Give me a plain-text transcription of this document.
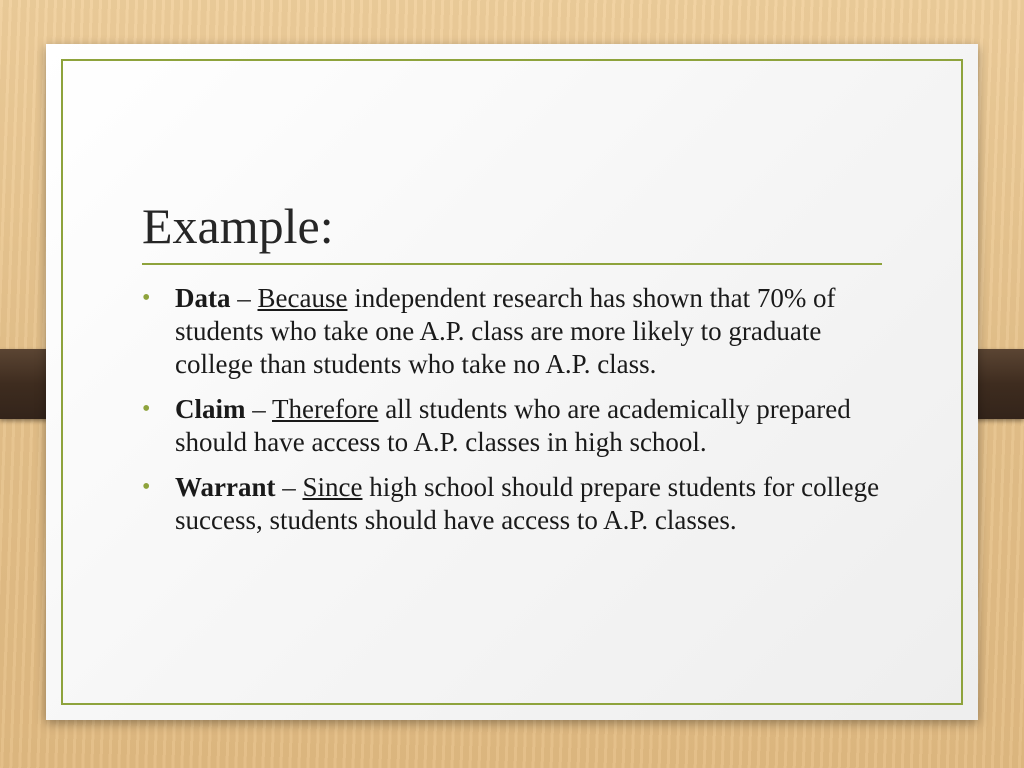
Example:
• Data – Because independent research has shown that 70% of students who take one A.P. class are more likely to graduate college than students who take no A.P. class.
• Claim – Therefore all students who are academically prepared should have access to A.P. classes in high school.
• Warrant – Since high school should prepare students for college success, students should have access to A.P. classes.
